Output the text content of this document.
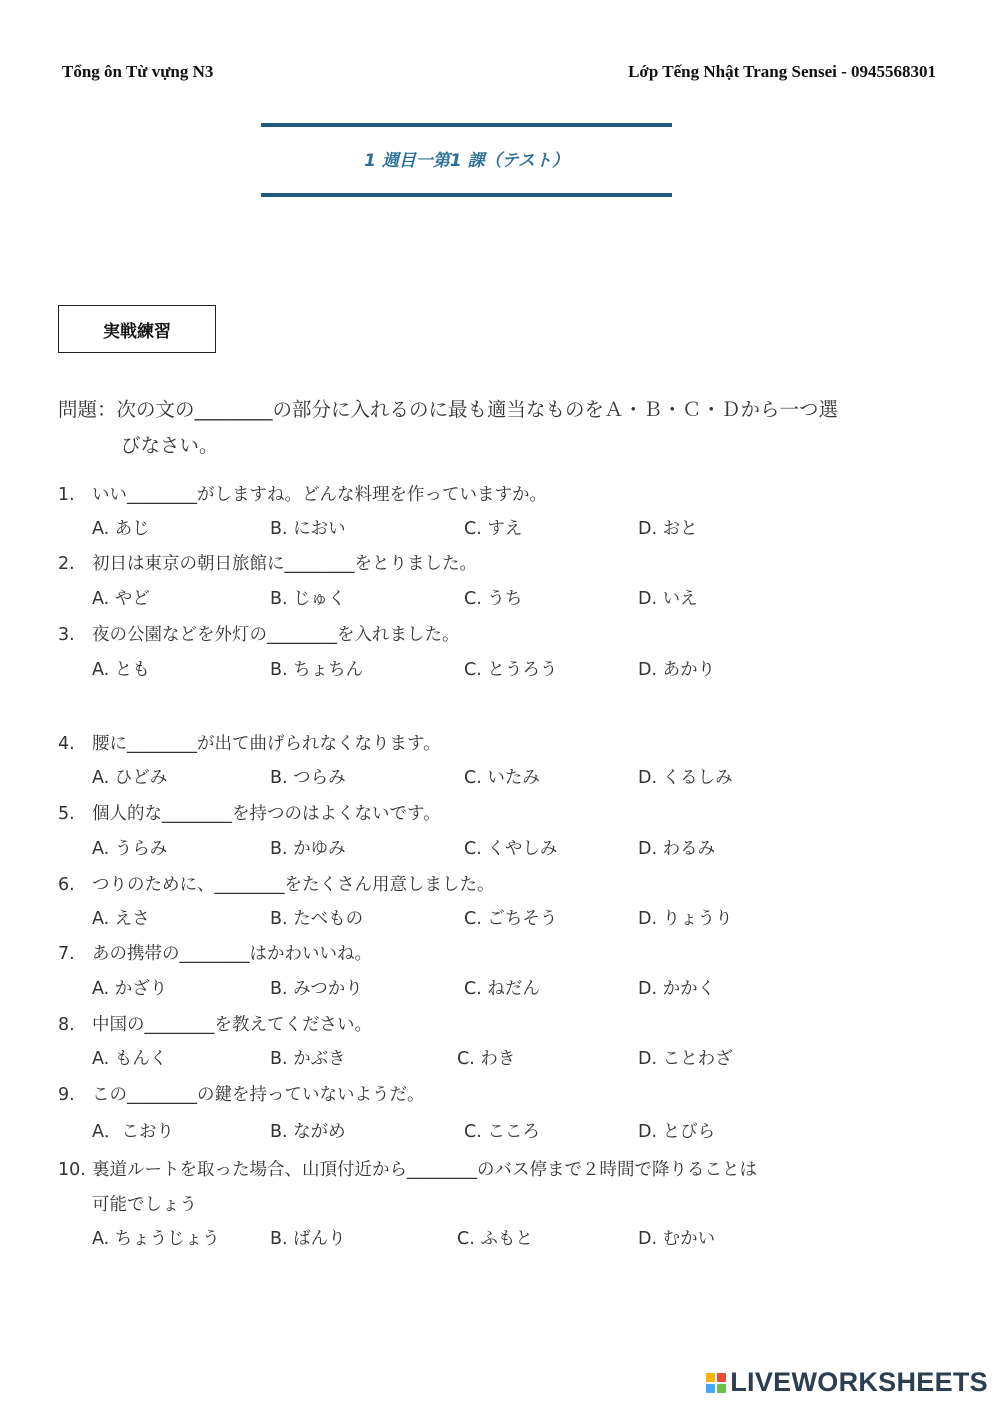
Tổng ôn Từ vựng N3	Lớp Tếng Nhật Trang Sensei - 0945568301
1 週目一第1 課（テスト）
実戦練習
問題：次の文の________の部分に入れるのに最も適当なものをＡ・Ｂ・Ｃ・Ｄから一つ選
びなさい。
1. いい________がしますね。どんな料理を作っていますか。
A. あじ	B. におい	C. すえ	D. おと
2. 初日は東京の朝日旅館に________をとりました。
A. やど	B. じゅく	C. うち	D. いえ
3. 夜の公園などを外灯の________を入れました。
A. とも	B. ちょちん	C. とうろう	D. あかり
4. 腰に________が出て曲げられなくなります。
A. ひどみ	B. つらみ	C. いたみ	D. くるしみ
5. 個人的な________を持つのはよくないです。
A. うらみ	B. かゆみ	C. くやしみ	D. わるみ
6. つりのために、________をたくさん用意しました。
A. えさ	B. たべもの	C. ごちそう	D. りょうり
7. あの携帯の________はかわいいね。
A. かざり	B. みつかり	C. ねだん	D. かかく
8. 中国の________を教えてください。
A. もんく	B. かぶき	C. わき	D. ことわざ
9. この________の鍵を持っていないようだ。
A．こおり	B. ながめ	C. こころ	D. とびら
10. 裏道ルートを取った場合、山頂付近から________のバス停まで２時間で降りることは
可能でしょう
A. ちょうじょう	B. ばんり	C. ふもと	D. むかい
LIVEWORKSHEETS
